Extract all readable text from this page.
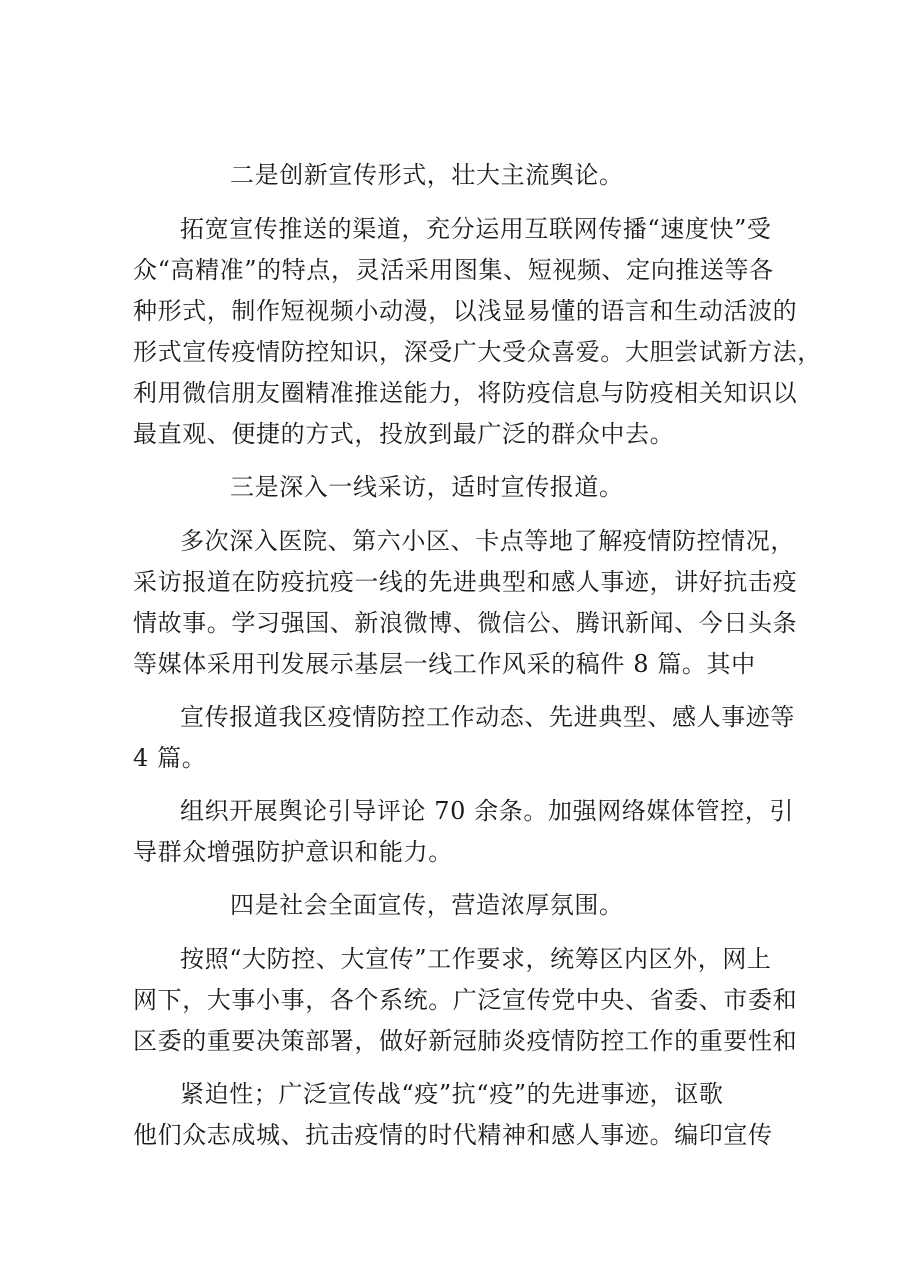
二是创新宣传形式，壮大主流舆论。
拓宽宣传推送的渠道，充分运用互联网传播“速度快”受
众“高精准”的特点，灵活采用图集、短视频、定向推送等各
种形式，制作短视频小动漫，以浅显易懂的语言和生动活波的
形式宣传疫情防控知识，深受广大受众喜爱。大胆尝试新方法，
利用微信朋友圈精准推送能力，将防疫信息与防疫相关知识以
最直观、便捷的方式，投放到最广泛的群众中去。
三是深入一线采访，适时宣传报道。
多次深入医院、第六小区、卡点等地了解疫情防控情况，
采访报道在防疫抗疫一线的先进典型和感人事迹，讲好抗击疫
情故事。学习强国、新浪微博、微信公、腾讯新闻、今日头条
等媒体采用刊发展示基层一线工作风采的稿件 8 篇。其中
宣传报道我区疫情防控工作动态、先进典型、感人事迹等
4 篇。
组织开展舆论引导评论 70 余条。加强网络媒体管控，引
导群众增强防护意识和能力。
四是社会全面宣传，营造浓厚氛围。
按照“大防控、大宣传”工作要求，统筹区内区外，网上
网下，大事小事，各个系统。广泛宣传党中央、省委、市委和
区委的重要决策部署，做好新冠肺炎疫情防控工作的重要性和
紧迫性；广泛宣传战“疫”抗“疫”的先进事迹，讴歌
他们众志成城、抗击疫情的时代精神和感人事迹。编印宣传
